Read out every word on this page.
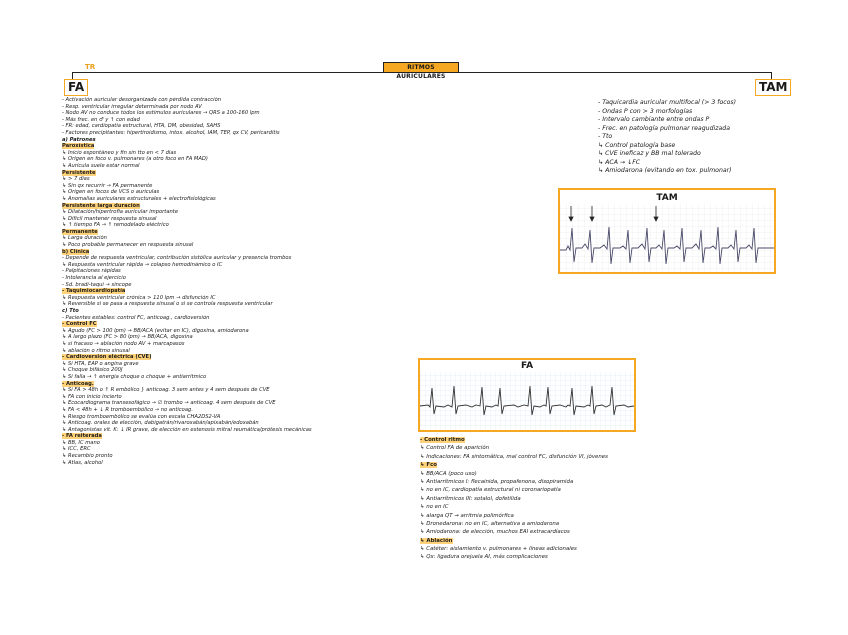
RITMOS AURICULARES
TR
FA	TAM
- Activación auricular desorganizada con pérdida contracción
- Resp. ventricular irregular determinada por nodo AV
- Nodo AV no conduce todos los estímulos auriculares → QRS a 100-160 lpm
- Más frec. en ♂ y ↑ con edad
- FR: edad, cardiopatía estructural, HTA, DM, obesidad, SAHS
- Factores precipitantes: hipertiroidismo, intox. alcohol, IAM, TEP, qx CV, pericarditis
a) Patrones
Paroxística
↳ Inicio espontáneo y fin sin tto en < 7 días
↳ Origen en foco v. pulmonares (a otro foco en FA MAD)
↳ Aurícula suele estar normal
Persistente
↳ > 7 días
↳ Sin qx recurrir → FA permanente
↳ Origen en focos de VCS o auriculas
↳ Anomalías auriculares estructurales + electrofisiológicas
Persistente larga duración
↳ Dilatación/hipertrofia auricular importante
↳ Difícil mantener respuesta sinusal
↳ ↑ tiempo FA → ↑ remodelado eléctrico
Permanente
↳ Larga duración
↳ Poco probable permanecer en respuesta sinusal
b) Clínica
- Depende de respuesta ventricular, contribución sistólica auricular y presencia trombos
↳ Respuesta ventricular rápida → colapso hemodinámico o IC
- Palpitaciones rápidas
- Intolerancia al ejercicio
- Sd. bradi-taqui → síncope
- Taquimiocardiopatía
↳ Respuesta ventricular crónica > 110 lpm → disfunción IC
↳ Reversible si se pasa a respuesta sinusal o si se controla respuesta ventricular
c) Tto
- Pacientes estables: control FC, anticoag., cardioversión
- Control FC
↳ Agudo (FC > 100 lpm) → BB/ACA (evitar en IC), digoxina, amiodarona
↳ A largo plazo (FC > 80 lpm) → BB/ACA, digoxina
↳ si fracaso → ablación nodo AV + marcapasos
↳ ablación o ritmo sinusal
- Cardioversión eléctrica (CVE)
↳ Si HTA, EAP o angina grave
↳ Choque bifásico 200J
↳ Si falla → ↑ energía choque o choque + antiarrítmico
- Anticoag.
↳ Si FA > 48h o ↑ R embólico } anticoag. 3 sem antes y 4 sem después de CVE
↳ FA con inicio incierto
↳ Ecocardiograma transesofágico → ∅ trombo → anticoag. 4 sem después de CVE
↳ FA < 48h + ↓ R tromboembólico → no anticoag.
↳ Riesgo tromboembólico se evalúa con escala CHA2DS2-VA
↳ Anticoag. orales de elección, dabigatrán/rivaroxabán/apixabán/edoxabán
↳ Antagonistas vit. K: ↓ IR grave, de elección en estenosis mitral reumática/prótesis mecánicas
- FA reiterada
↳ BB, IC mano
↳ ICC, ERC
↳ Recambio pronto
↳ Atlas, alcohol
- Taquicardia auricular multifocal (> 3 focos)
- Ondas P con > 3 morfologías
- Intervalo cambiante entre ondas P
- Frec. en patología pulmonar reagudizada
- Tto
↳ Control patología base
↳ CVE ineficaz y BB mal tolerado
↳ ACA → ↓FC
↳ Amiodarona (evitando en tox. pulmonar)
TAM
FA
- Control ritmo
↳ Control FA de aparición
↳ Indicaciones: FA sintomática, mal control FC, disfunción VI, jóvenes
↳ Fco
↳ BB/ACA (poco uso)
↳ Antiarrítmicos I: flecainida, propafenona, disopiramida
↳ no en IC, cardiopatía estructural ni coronariopatía
↳ Antiarrítmicos III: sotalol, dofetilida
↳ no en IC
↳ alarga QT → arritmia polimórfica
↳ Dronedarona: no en IC, alternativa a amiodarona
↳ Amiodarona: de elección, muchos EAI extracardíacos
↳ Ablación
↳ Catéter: aislamiento v. pulmonares + líneas adicionales
↳ Qx: ligadura orejuela AI, más complicaciones
